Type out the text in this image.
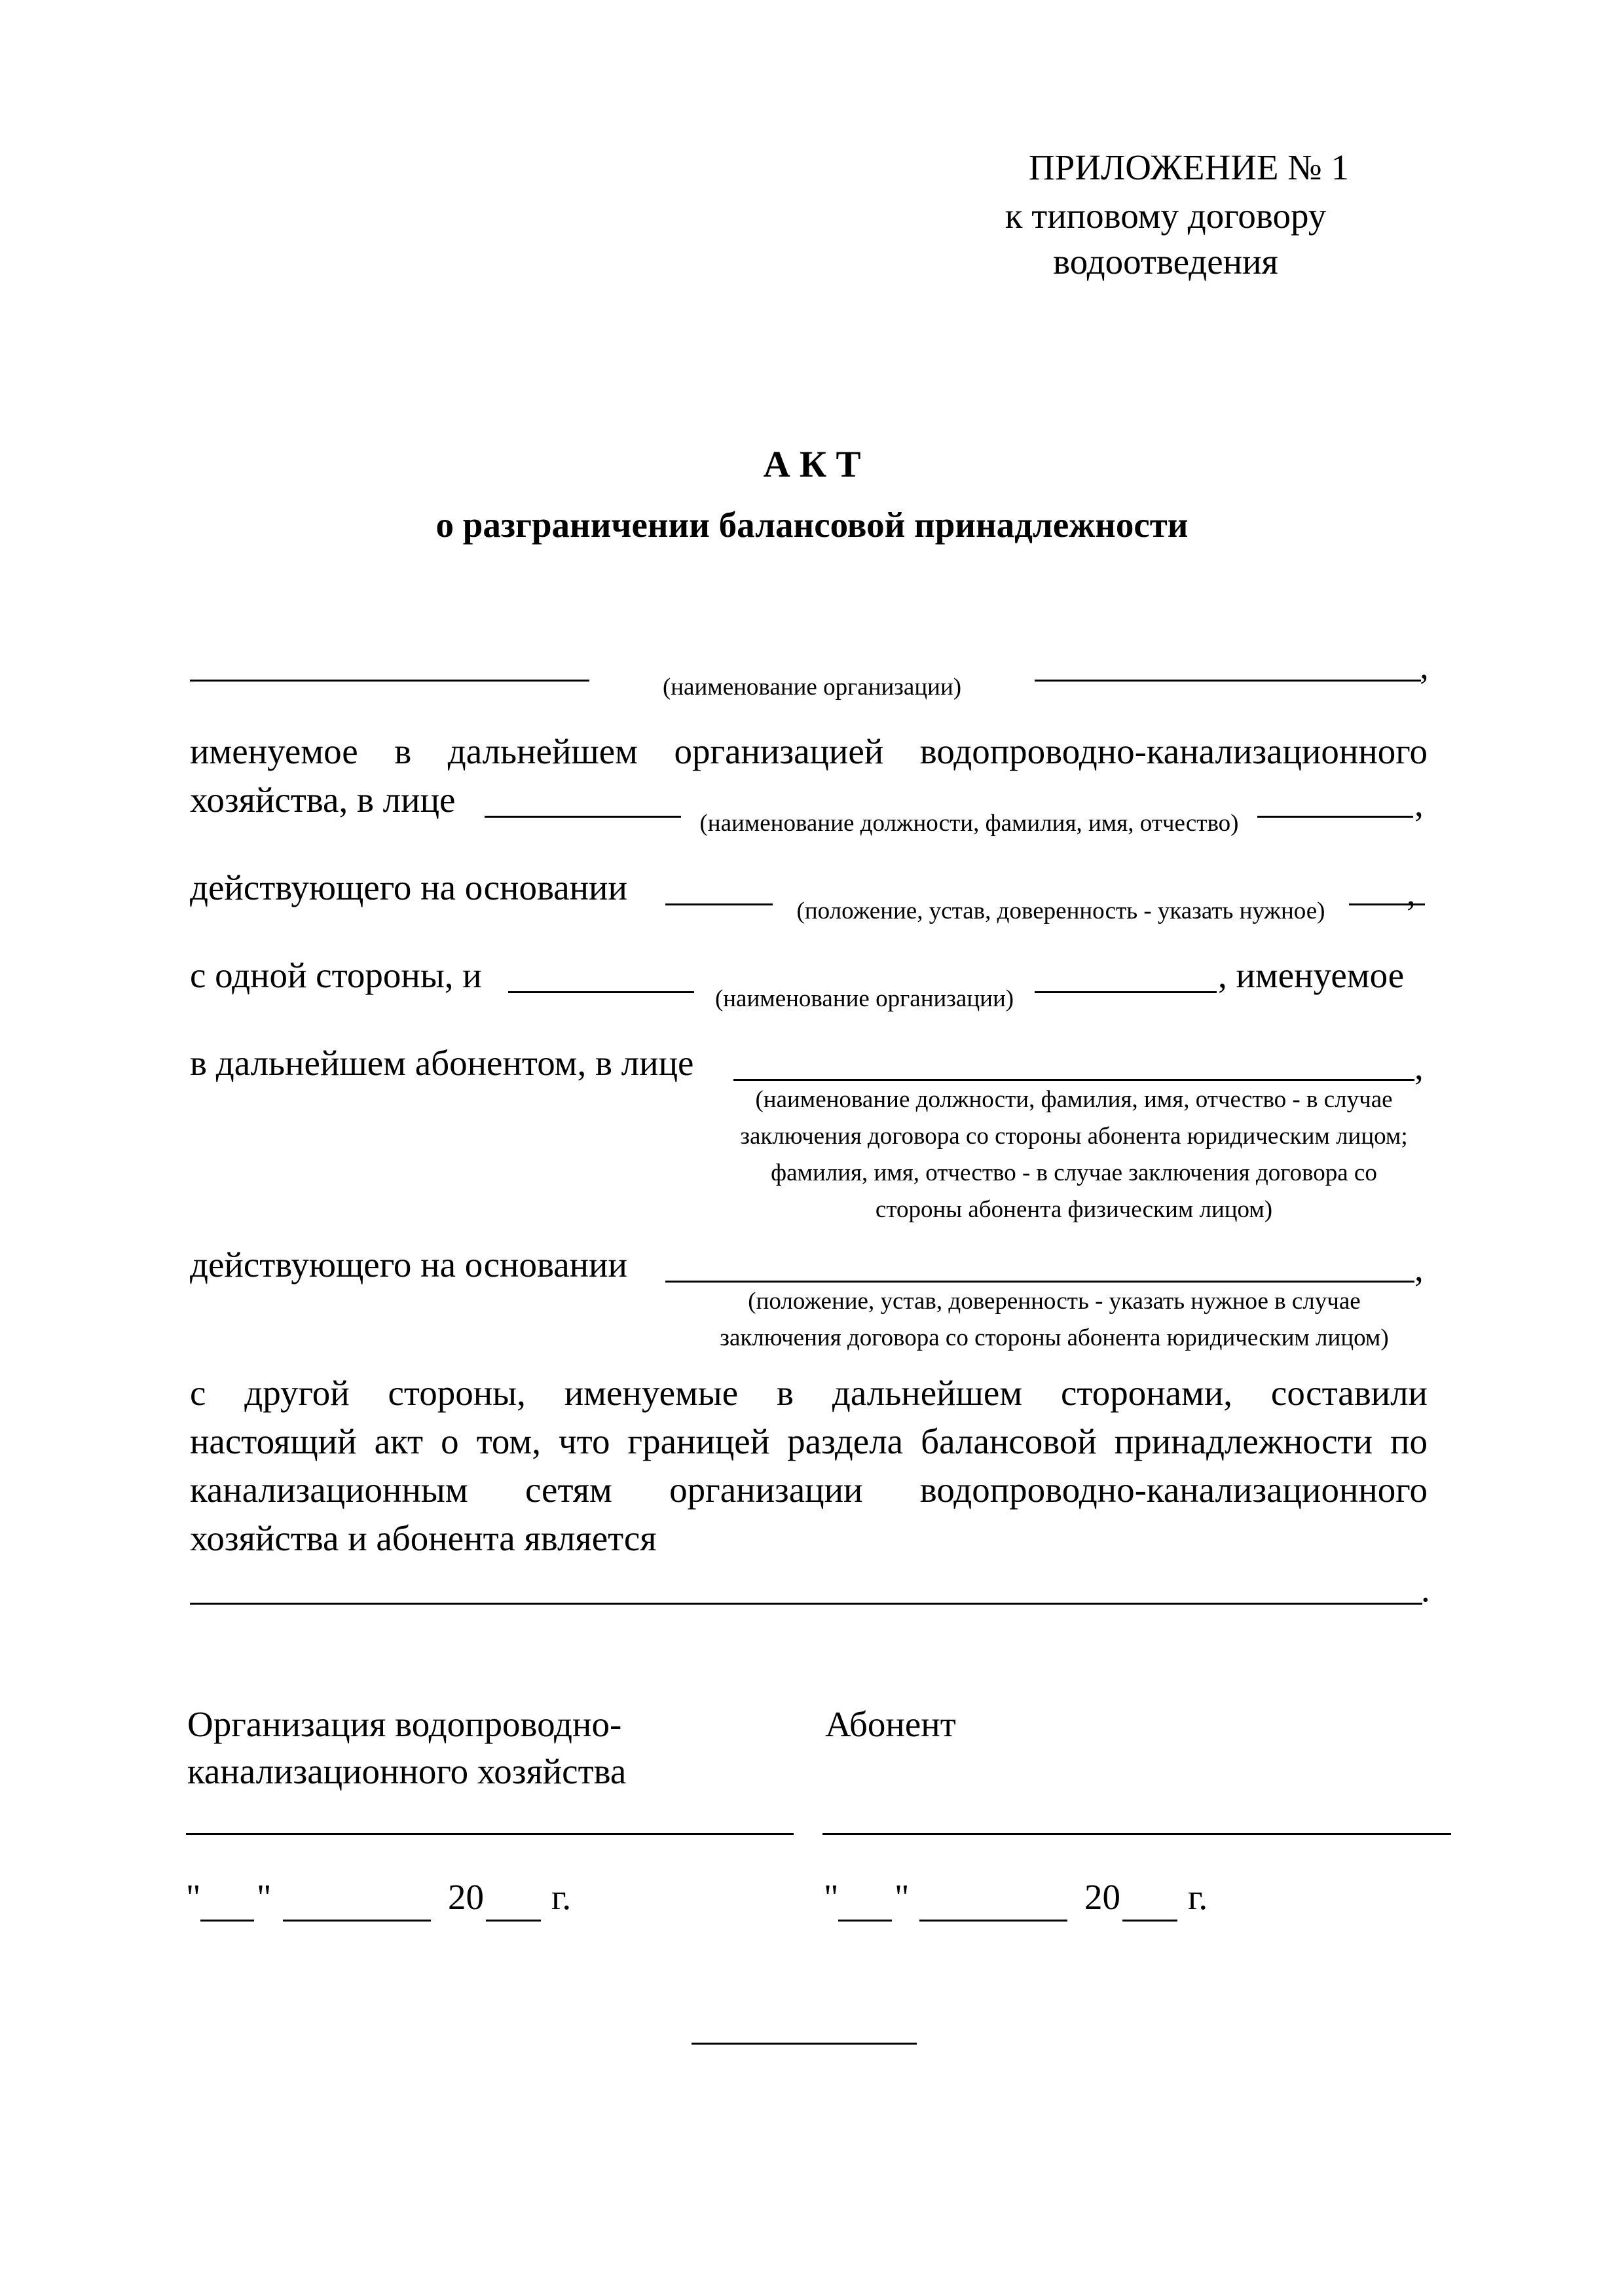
ПРИЛОЖЕНИЕ № 1
к типовому договору
водоотведения
А К Т
о разграничении балансовой принадлежности
(наименование организации)
,
именуемое в дальнейшем организацией водопроводно-канализационного
хозяйства, в лице
(наименование должности, фамилия, имя, отчество)	,
действующего на основании
(положение, устав, доверенность - указать нужное)	,
с одной стороны, и
(наименование организации)
, именуемое
в дальнейшем абонентом, в лице	,
(наименование должности, фамилия, имя, отчество - в случае
заключения договора со стороны абонента юридическим лицом;
фамилия, имя, отчество - в случае заключения договора со
стороны абонента физическим лицом)
действующего на основании	,
(положение, устав, доверенность - указать нужное в случае
заключения договора со стороны абонента юридическим лицом)
с другой стороны, именуемые в дальнейшем сторонами, составили
настоящий акт о том, что границей раздела балансовой принадлежности по
канализационным сетям организации водопроводно-канализационного
хозяйства и абонента является
.
Организация водопроводно-
канализационного хозяйства
Абонент
" "	20 г.	" "	20 г.
